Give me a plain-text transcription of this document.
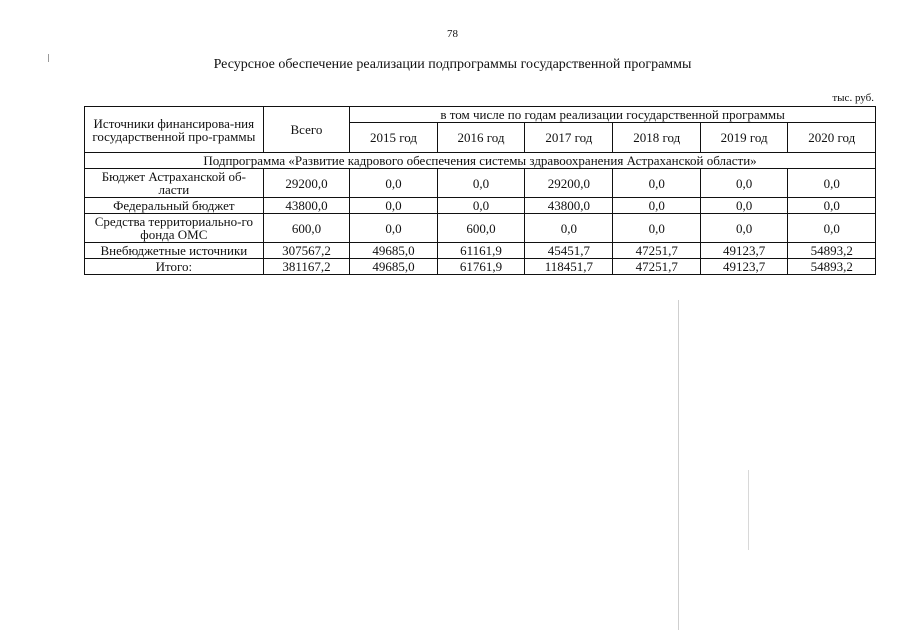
78
Ресурсное обеспечение реализации подпрограммы государственной программы
тыс. руб.
Источники финансирова-ния государственной про-граммы	Всего	в том числе по годам реализации государственной программы					
		2015 год	2016 год	2017 год	2018 год	2019 год	2020 год
Подпрограмма «Развитие кадрового обеспечения системы здравоохранения Астраханской области»							
Бюджет Астраханской об-ласти	29200,0	0,0	0,0	29200,0	0,0	0,0	0,0
Федеральный бюджет	43800,0	0,0	0,0	43800,0	0,0	0,0	0,0
Средства территориально-го фонда ОМС	600,0	0,0	600,0	0,0	0,0	0,0	0,0
Внебюджетные источники	307567,2	49685,0	61161,9	45451,7	47251,7	49123,7	54893,2
Итого:	381167,2	49685,0	61761,9	118451,7	47251,7	49123,7	54893,2
